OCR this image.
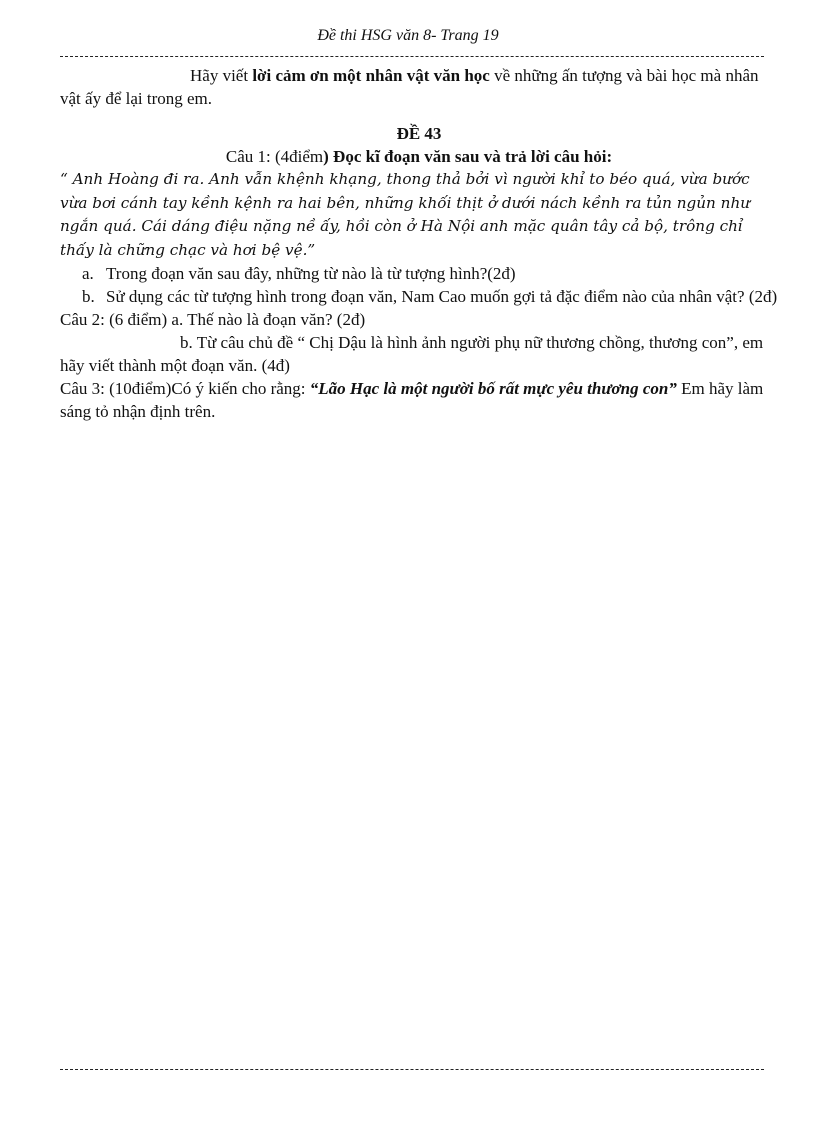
Đề thi HSG văn 8- Trang 19

Hãy viết lời cảm ơn một nhân vật văn học về những ấn tượng và bài học mà nhân vật ấy để lại trong em.

ĐỀ 43

Câu 1: (4điểm) Đọc kĩ đoạn văn sau và trả lời câu hỏi:

“ Anh Hoàng đi ra. Anh vẫn khệnh khạng, thong thả bởi vì người khỉ to béo quá, vừa bước vừa bơi cánh tay kềnh kệnh ra hai bên, những khối thịt ở dưới nách kềnh ra tủn ngủn như ngắn quá. Cái dáng điệu nặng nề ấy, hồi còn ở Hà Nội anh mặc quân tây cả bộ, trông chỉ thấy là chững chạc và hơi bệ vệ.”

a. Trong đoạn văn sau đây, những từ nào là từ tượng hình?(2đ)
b. Sử dụng các từ tượng hình trong đoạn văn, Nam Cao muốn gợi tả đặc điểm nào của nhân vật? (2đ)

Câu 2: (6 điểm) a. Thế nào là đoạn văn? (2đ)

b. Từ câu chủ đề “ Chị Dậu là hình ảnh người phụ nữ thương chồng, thương con”, em hãy viết thành một đoạn văn. (4đ)

Câu 3: (10điểm)Có ý kiến cho rằng: “Lão Hạc là một người bố rất mực yêu thương con” Em hãy làm sáng tỏ nhận định trên.
